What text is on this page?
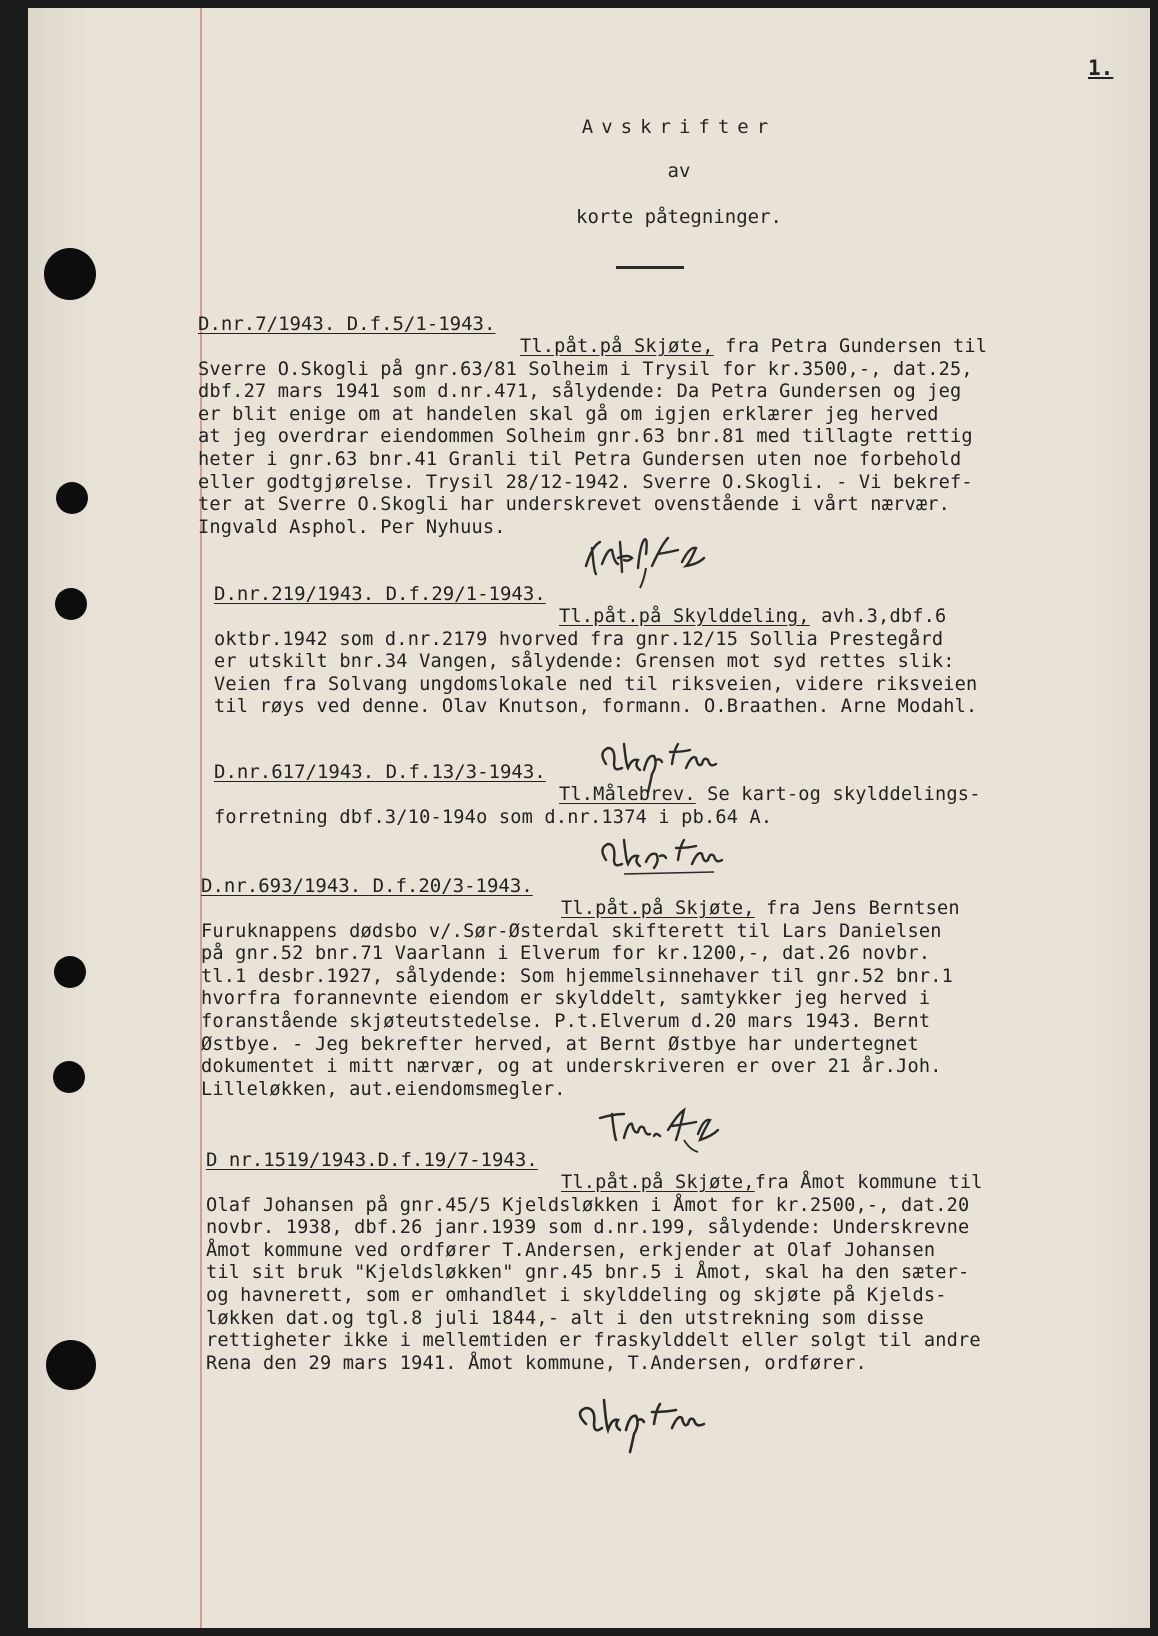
1.
Avskrifter
av
korte påtegninger.
D.nr.7/1943. D.f.5/1-1943.
Tl.påt.på Skjøte, fra Petra Gundersen til
Sverre O.Skogli på gnr.63/81 Solheim i Trysil for kr.3500,-, dat.25,
dbf.27 mars 1941 som d.nr.471, sålydende: Da Petra Gundersen og jeg
er blit enige om at handelen skal gå om igjen erklærer jeg herved
at jeg overdrar eiendommen Solheim gnr.63 bnr.81 med tillagte rettig
heter i gnr.63 bnr.41 Granli til Petra Gundersen uten noe forbehold
eller godtgjørelse. Trysil 28/12-1942. Sverre O.Skogli. - Vi bekref-
ter at Sverre O.Skogli har underskrevet ovenstående i vårt nærvær.
Ingvald Asphol. Per Nyhuus.
D.nr.219/1943. D.f.29/1-1943.
Tl.påt.på Skylddeling, avh.3,dbf.6
oktbr.1942 som d.nr.2179 hvorved fra gnr.12/15 Sollia Prestegård
er utskilt bnr.34 Vangen, sålydende: Grensen mot syd rettes slik:
Veien fra Solvang ungdomslokale ned til riksveien, videre riksveien
til røys ved denne. Olav Knutson, formann. O.Braathen. Arne Modahl.
D.nr.617/1943. D.f.13/3-1943.
Tl.Målebrev. Se kart-og skylddelings-
forretning dbf.3/10-194o som d.nr.1374 i pb.64 A.
D.nr.693/1943. D.f.20/3-1943.
Tl.påt.på Skjøte, fra Jens Berntsen
Furuknappens dødsbo v/.Sør-Østerdal skifterett til Lars Danielsen
på gnr.52 bnr.71 Vaarlann i Elverum for kr.1200,-, dat.26 novbr.
tl.1 desbr.1927, sålydende: Som hjemmelsinnehaver til gnr.52 bnr.1
hvorfra forannevnte eiendom er skylddelt, samtykker jeg herved i
foranstående skjøteutstedelse. P.t.Elverum d.20 mars 1943. Bernt
Østbye. - Jeg bekrefter herved, at Bernt Østbye har undertegnet
dokumentet i mitt nærvær, og at underskriveren er over 21 år.Joh.
Lilleløkken, aut.eiendomsmegler.
D nr.1519/1943.D.f.19/7-1943.
Tl.påt.på Skjøte,fra Åmot kommune til
Olaf Johansen på gnr.45/5 Kjeldsløkken i Åmot for kr.2500,-, dat.20
novbr. 1938, dbf.26 janr.1939 som d.nr.199, sålydende: Underskrevne
Åmot kommune ved ordfører T.Andersen, erkjender at Olaf Johansen
til sit bruk "Kjeldsløkken" gnr.45 bnr.5 i Åmot, skal ha den sæter-
og havnerett, som er omhandlet i skylddeling og skjøte på Kjelds-
løkken dat.og tgl.8 juli 1844,- alt i den utstrekning som disse
rettigheter ikke i mellemtiden er fraskylddelt eller solgt til andre
Rena den 29 mars 1941. Åmot kommune, T.Andersen, ordfører.
